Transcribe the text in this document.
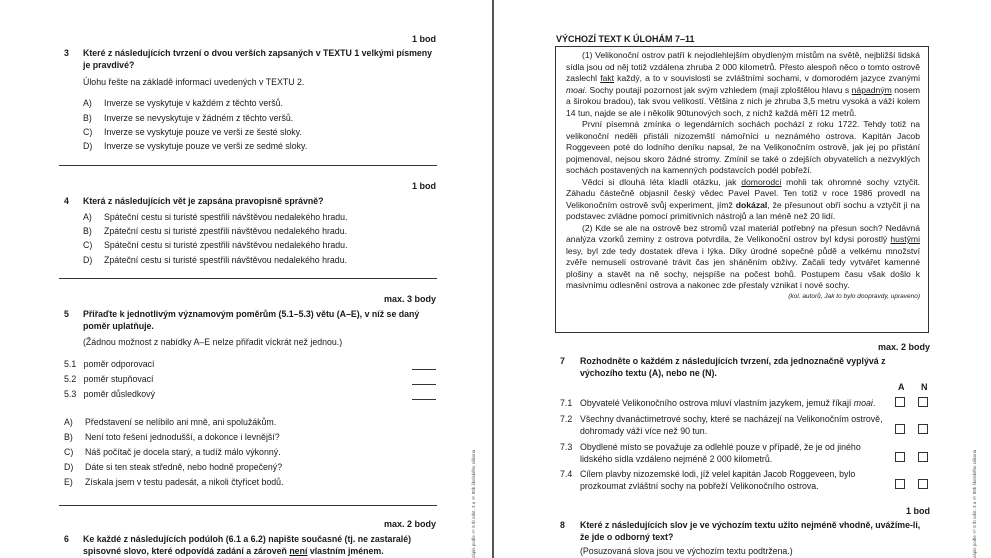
1 bod
3 Které z následujících tvrzení o dvou verších zapsaných v TEXTU 1 velkými písmeny je pravdivé?
Úlohu řešte na základě informací uvedených v TEXTU 2.
A) Inverze se vyskytuje v každém z těchto veršů.
B) Inverze se nevyskytuje v žádném z těchto veršů.
C) Inverze se vyskytuje pouze ve verši ze šesté sloky.
D) Inverze se vyskytuje pouze ve verši ze sedmé sloky.
1 bod
4 Která z následujících vět je zapsána pravopisně správně?
A) Spáteční cestu si turisté spestřili návštěvou nedalekého hradu.
B) Zpáteční cestu si turisté zpestřili návštěvou nedalekého hradu.
C) Spáteční cestu si turisté zpestřili návštěvou nedalekého hradu.
D) Zpáteční cestu si turisté spestřili návštěvou nedalekého hradu.
max. 3 body
5 Přiřaďte k jednotlivým významovým poměrům (5.1–5.3) větu (A–E), v níž se daný poměr uplatňuje.
(Žádnou možnost z nabídky A–E nelze přiřadit víckrát než jednou.)
5.1 poměr odporovací
5.2 poměr stupňovací
5.3 poměr důsledkový
A) Představení se nelíbilo ani mně, ani spolužákům.
B) Není toto řešení jednodušší, a dokonce i levnější?
C) Náš počítač je docela starý, a tudíž málo výkonný.
D) Dáte si ten steak středně, nebo hodně propečený?
E) Získala jsem v testu padesát, a nikoli čtyřicet bodů.
max. 2 body
6 Ke každé z následujících podúloh (6.1 a 6.2) napište současné (tj. ne zastaralé)
spisovné slovo, které odpovídá zadání a zároveň není vlastním jménem.	zápis podle § 6 tb odst. 3 a § 80b školského zákona
VÝCHOZÍ TEXT K ÚLOHÁM 7–11

(1) Velikonoční ostrov patří k nejodlehlejším obydleným místům na světě, nejbližší lidská sídla jsou od něj totiž vzdálena zhruba 2 000 kilometrů. Přesto alespoň něco o tomto ostrově zaslechl fakt každý, a to v souvislosti se zvláštními sochami, v domorodém jazyce zvanými moai. Sochy poutají pozornost jak svým vzhledem (mají zploštělou hlavu s nápadným nosem a širokou bradou), tak svou velikostí. Většina z nich je zhruba 3,5 metru vysoká a váží kolem 14 tun, najde se ale i několik 90tunových soch, z nichž každá měří 12 metrů.

První písemná zmínka o legendárních sochách pochází z roku 1722. Tehdy totiž na velikonoční neděli přistáli nizozemští námořníci u neznámého ostrova. Kapitán Jacob Roggeveen poté do lodního deníku napsal, že na Velikonočním ostrově, jak jej po přistání pojmenoval, nejsou skoro žádné stromy. Zmínil se také o zdejších obyvatelích a nezvyklých sochách postavených na kamenných podstavcích podél pobřeží.

Vědci si dlouhá léta kladli otázku, jak domorodci mohli tak ohromné sochy vztyčit. Záhadu částečně objasnil český vědec Pavel Pavel. Ten totiž v roce 1986 provedl na Velikonočním ostrově svůj experiment, jímž dokázal, že přesunout obří sochu a vztyčit ji na podstavec zvládne pomocí primitivních nástrojů a lan méně než 20 lidí.

(2) Kde se ale na ostrově bez stromů vzal materiál potřebný na přesun soch? Nedávná analýza vzorků zeminy z ostrova potvrdila, že Velikonoční ostrov byl kdysi porostlý hustými lesy, byl zde tedy dostatek dřeva i lýka. Díky úrodné sopečné půdě a velkému množství zvěře nemuseli ostrované trávit čas jen sháněním obživy. Začali tedy vytvářet kamenné plošiny a stavět na ně sochy, nejspíše na počest bohů. Postupem času však došlo k masivnímu odlesnění ostrova a nakonec zde přestaly vznikat i nové sochy.

(kol. autorů, Jak to bylo doopravdy, upraveno)

max. 2 body
7 Rozhodněte o každém z následujících tvrzení, zda jednoznačně vyplývá z výchozího textu (A), nebo ne (N).
A N
7.1 Obyvatelé Velikonočního ostrova mluví vlastním jazykem, jemuž říkají moai.
7.2 Všechny dvanáctimetrové sochy, které se nacházejí na Velikonočním ostrově, dohromady váží více než 90 tun.
7.3 Obydlené místo se považuje za odlehlé pouze v případě, že je od jiného lidského sídla vzdáleno nejméně 2 000 kilometrů.
7.4 Cílem plavby nizozemské lodi, jíž velel kapitán Jacob Roggeveen, bylo prozkoumat zvláštní sochy na pobřeží Velikonočního ostrova.
1 bod
8 Které z následujících slov je ve výchozím textu užito nejméně vhodně, uvážíme-li, že jde o odborný text?
(Posuzovaná slova jsou ve výchozím textu podtržena.)	zápis podle § 6 tb odst. 3 a § 80b školského zákona
